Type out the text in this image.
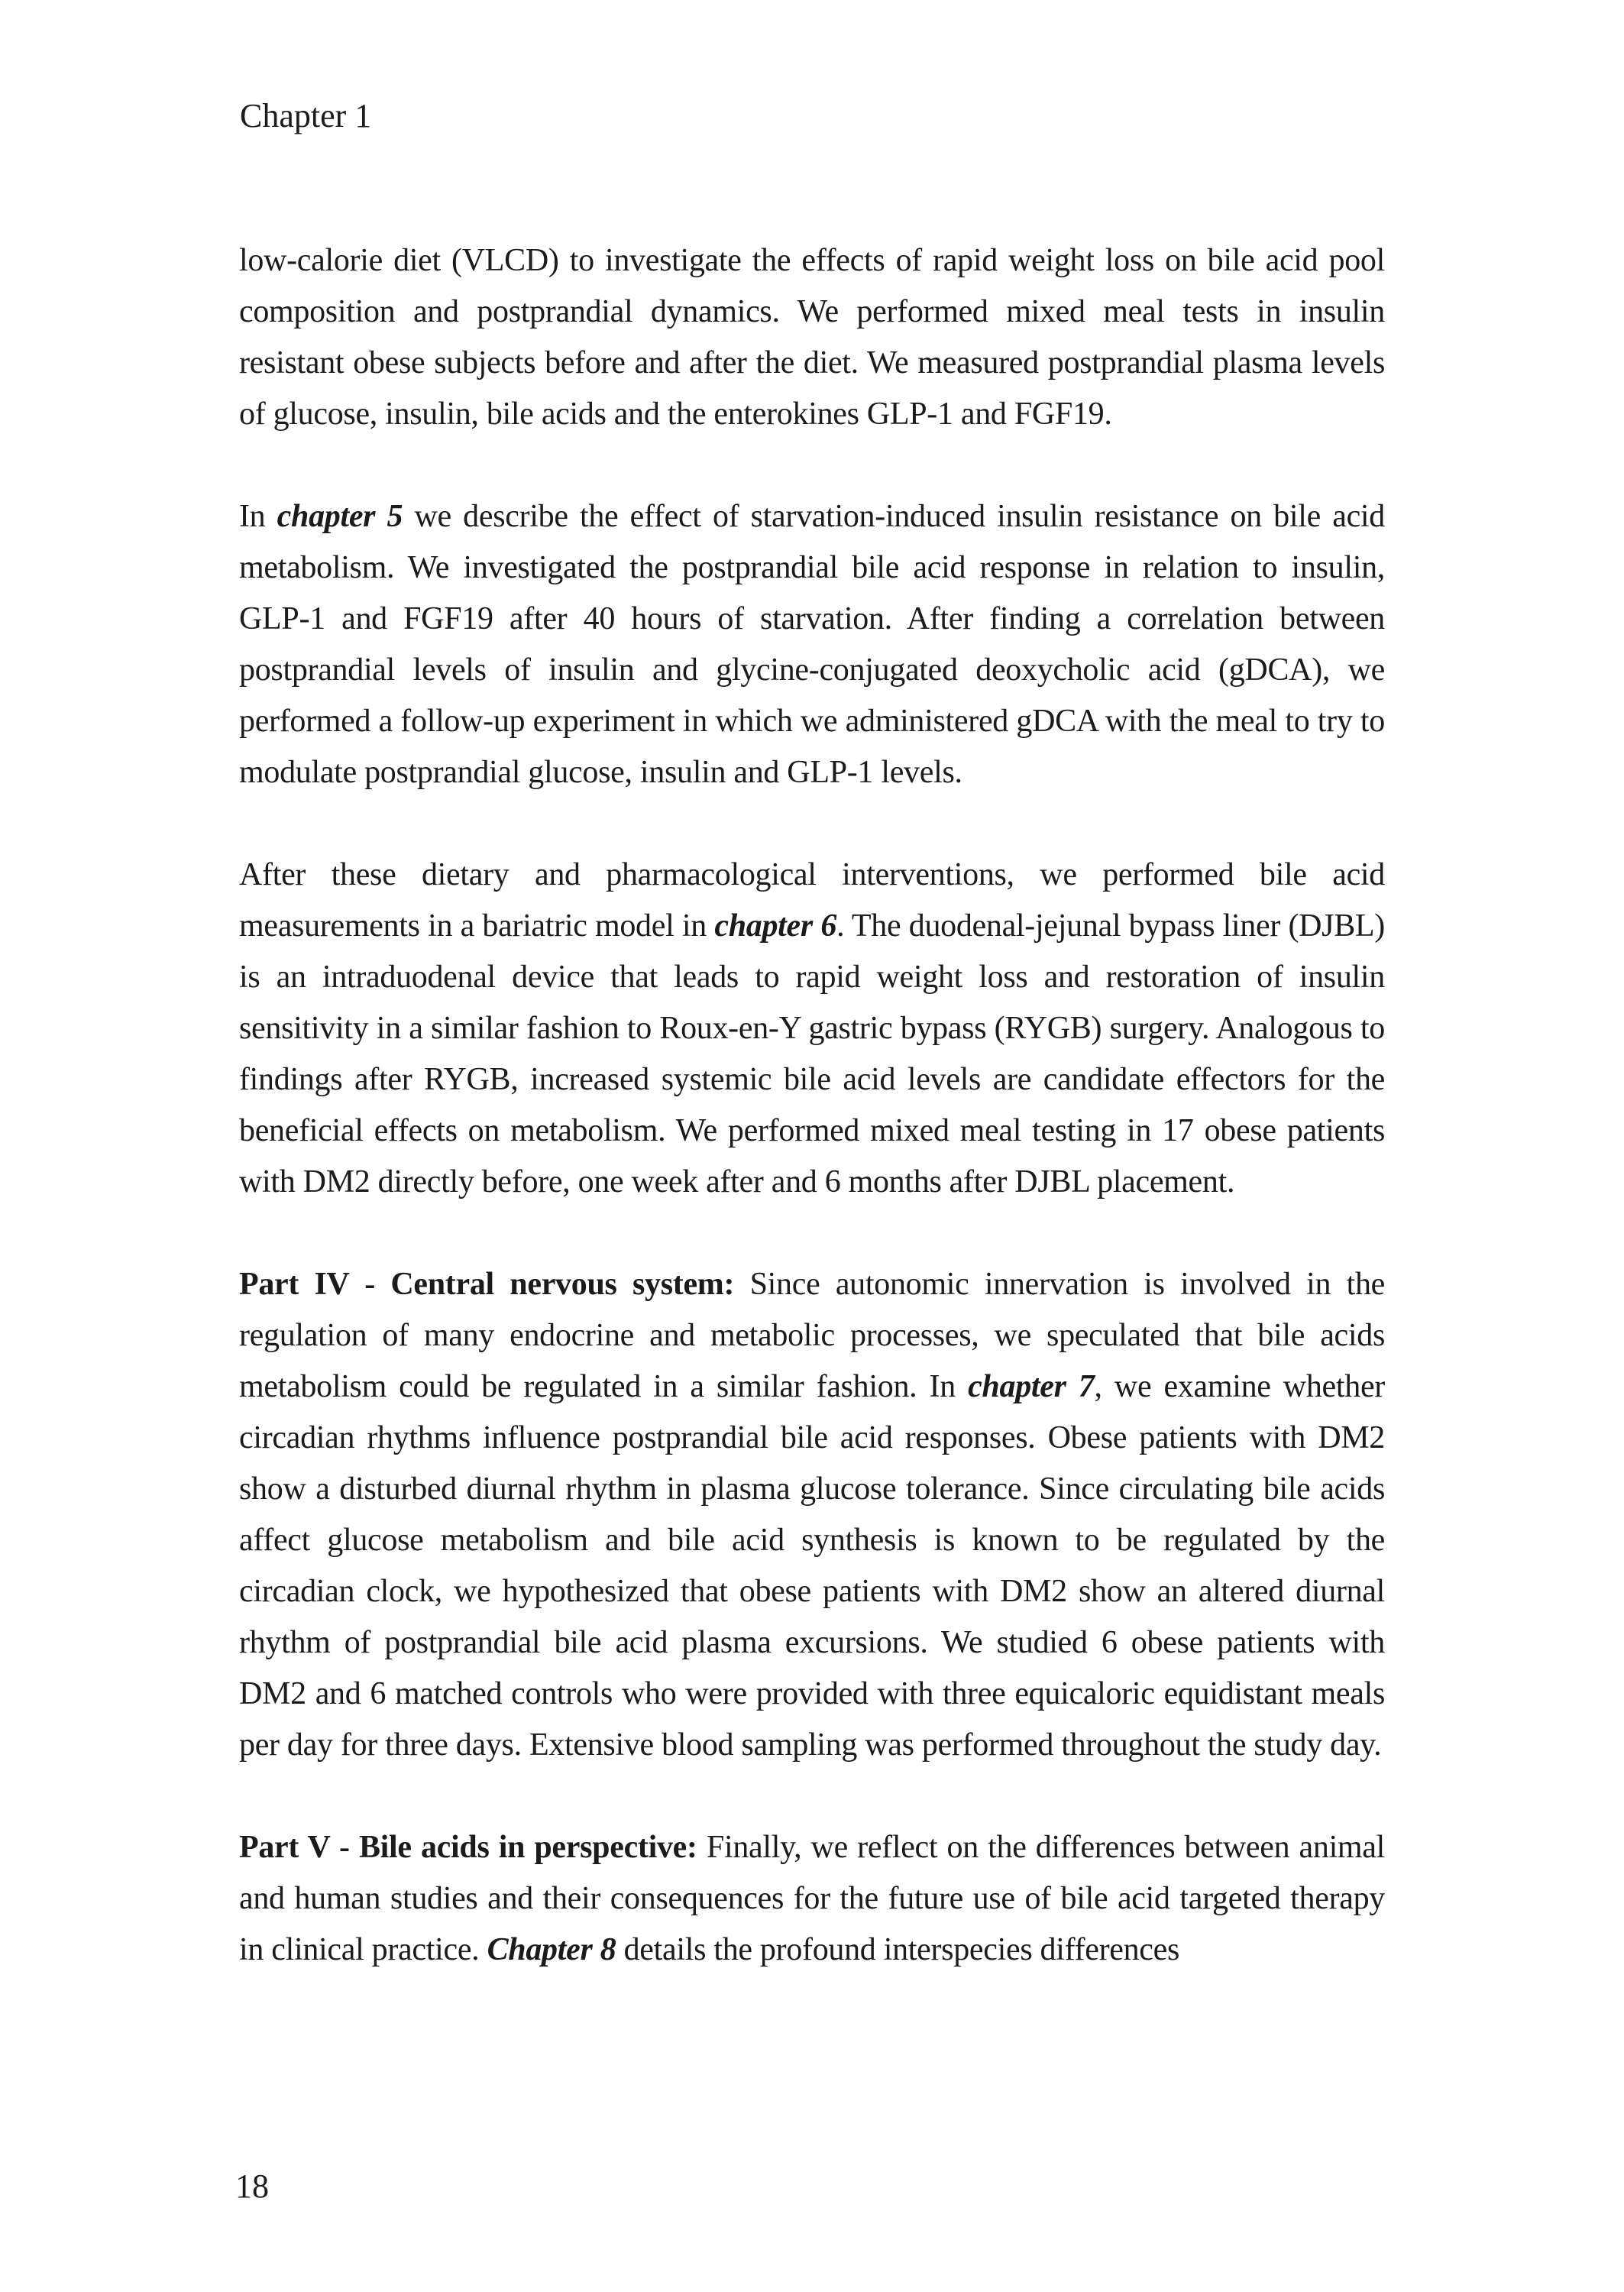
Chapter 1

low-calorie diet (VLCD) to investigate the effects of rapid weight loss on bile acid pool composition and postprandial dynamics. We performed mixed meal tests in insulin resistant obese subjects before and after the diet. We measured postprandial plasma levels of glucose, insulin, bile acids and the enterokines GLP-1 and FGF19.

In chapter 5 we describe the effect of starvation-induced insulin resistance on bile acid metabolism. We investigated the postprandial bile acid response in relation to insulin, GLP-1 and FGF19 after 40 hours of starvation. After finding a correlation between postprandial levels of insulin and glycine-conjugated deoxycholic acid (gDCA), we performed a follow-up experiment in which we administered gDCA with the meal to try to modulate postprandial glucose, insulin and GLP-1 levels.

After these dietary and pharmacological interventions, we performed bile acid measurements in a bariatric model in chapter 6. The duodenal-jejunal bypass liner (DJBL) is an intraduodenal device that leads to rapid weight loss and restoration of insulin sensitivity in a similar fashion to Roux-en-Y gastric bypass (RYGB) surgery. Analogous to findings after RYGB, increased systemic bile acid levels are candidate effectors for the beneficial effects on metabolism. We performed mixed meal testing in 17 obese patients with DM2 directly before, one week after and 6 months after DJBL placement.

Part IV - Central nervous system: Since autonomic innervation is involved in the regulation of many endocrine and metabolic processes, we speculated that bile acids metabolism could be regulated in a similar fashion. In chapter 7, we examine whether circadian rhythms influence postprandial bile acid responses. Obese patients with DM2 show a disturbed diurnal rhythm in plasma glucose tolerance. Since circulating bile acids affect glucose metabolism and bile acid synthesis is known to be regulated by the circadian clock, we hypothesized that obese patients with DM2 show an altered diurnal rhythm of postprandial bile acid plasma excursions. We studied 6 obese patients with DM2 and 6 matched controls who were provided with three equicaloric equidistant meals per day for three days. Extensive blood sampling was performed throughout the study day.

Part V - Bile acids in perspective: Finally, we reflect on the differences between animal and human studies and their consequences for the future use of bile acid targeted therapy in clinical practice. Chapter 8 details the profound interspecies differences

18
